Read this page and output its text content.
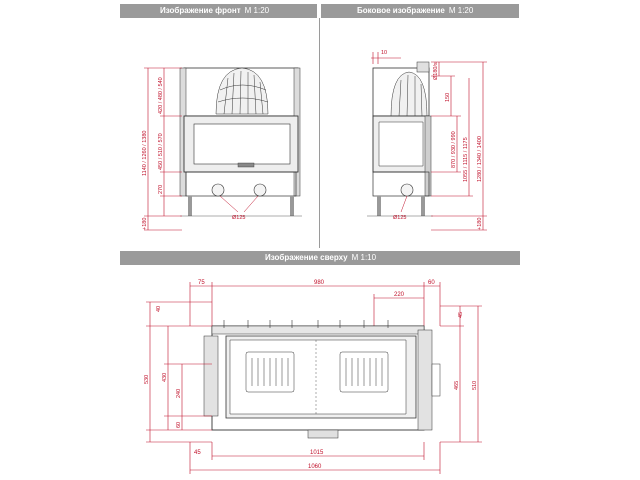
Изображение фронт M 1:20	Боковое изображение M 1:20
Изображение сверху M 1:10
Ø125
1140 / 1260 / 1380
420 / 480 / 540
450 / 510 / 570
270
+180
10
Ø125
Ø180/s
150
870 / 930 / 990 1055 / 1115 / 1175 1280 / 1340 / 1400
+180
75	980	60
220
40
530 430
240
60
45
465 510
45	1015
1060
